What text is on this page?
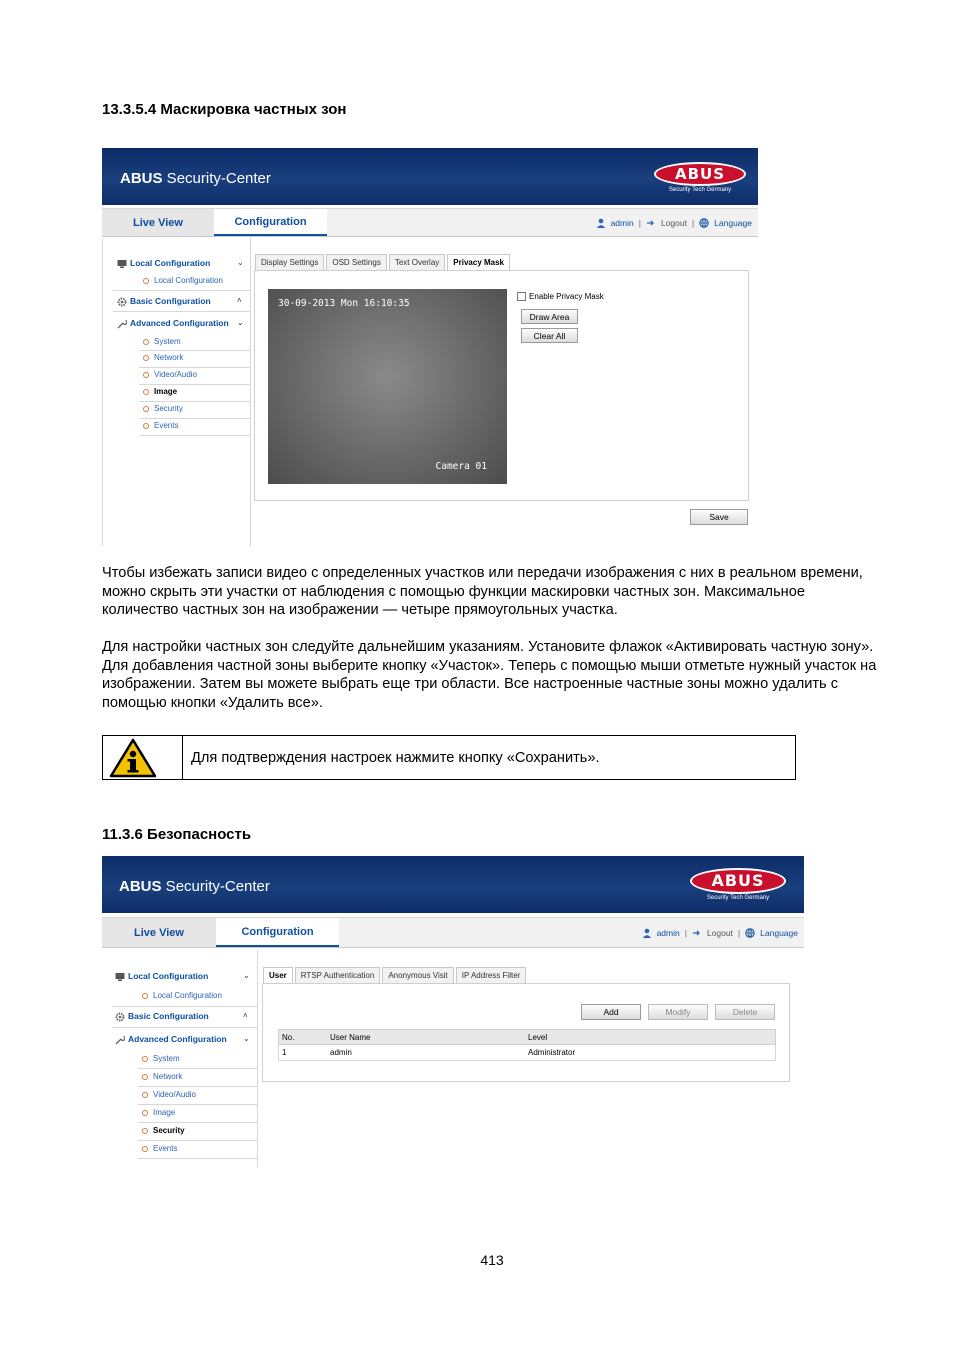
13.3.5.4 Маскировка частных зон
ABUS Security-Center	ABUS
Security Tech Germany
Live View	Configuration	admin | Logout | Language
Local Configuration	⌄
Local Configuration
Basic Configuration	˄
Advanced Configuration ⌄
System
Network
Video/Audio
Image
Security
Events
Display Settings	OSD Settings	Text Overlay	Privacy Mask
30-09-2013 Mon 16:10:35
Camera 01
Enable Privacy Mask
Draw Area
Clear All
Save
Чтобы избежать записи видео с определенных участков или передачи изображения с них в реальном времени, можно скрыть эти участки от наблюдения с помощью функции маскировки частных зон. Максимальное количество частных зон на изображении — четыре прямоугольных участка.
Для настройки частных зон следуйте дальнейшим указаниям. Установите флажок «Активировать частную зону». Для добавления частной зоны выберите кнопку «Участок». Теперь с помощью мыши отметьте нужный участок на изображении. Затем вы можете выбрать еще три области. Все настроенные частные зоны можно удалить с помощью кнопки «Удалить все».
Для подтверждения настроек нажмите кнопку «Сохранить».
11.3.6 Безопасность
ABUS Security-Center	ABUS
Security Tech Germany
Live View	Configuration	admin | Logout | Language
Local Configuration	⌄
Local Configuration
Basic Configuration	˄
Advanced Configuration ⌄
System
Network
Video/Audio
Image
Security
Events
User	RTSP Authentication	Anonymous Visit	IP Address Filter
Add	Modify	Delete
No.	User Name	Level
1	admin	Administrator
413
